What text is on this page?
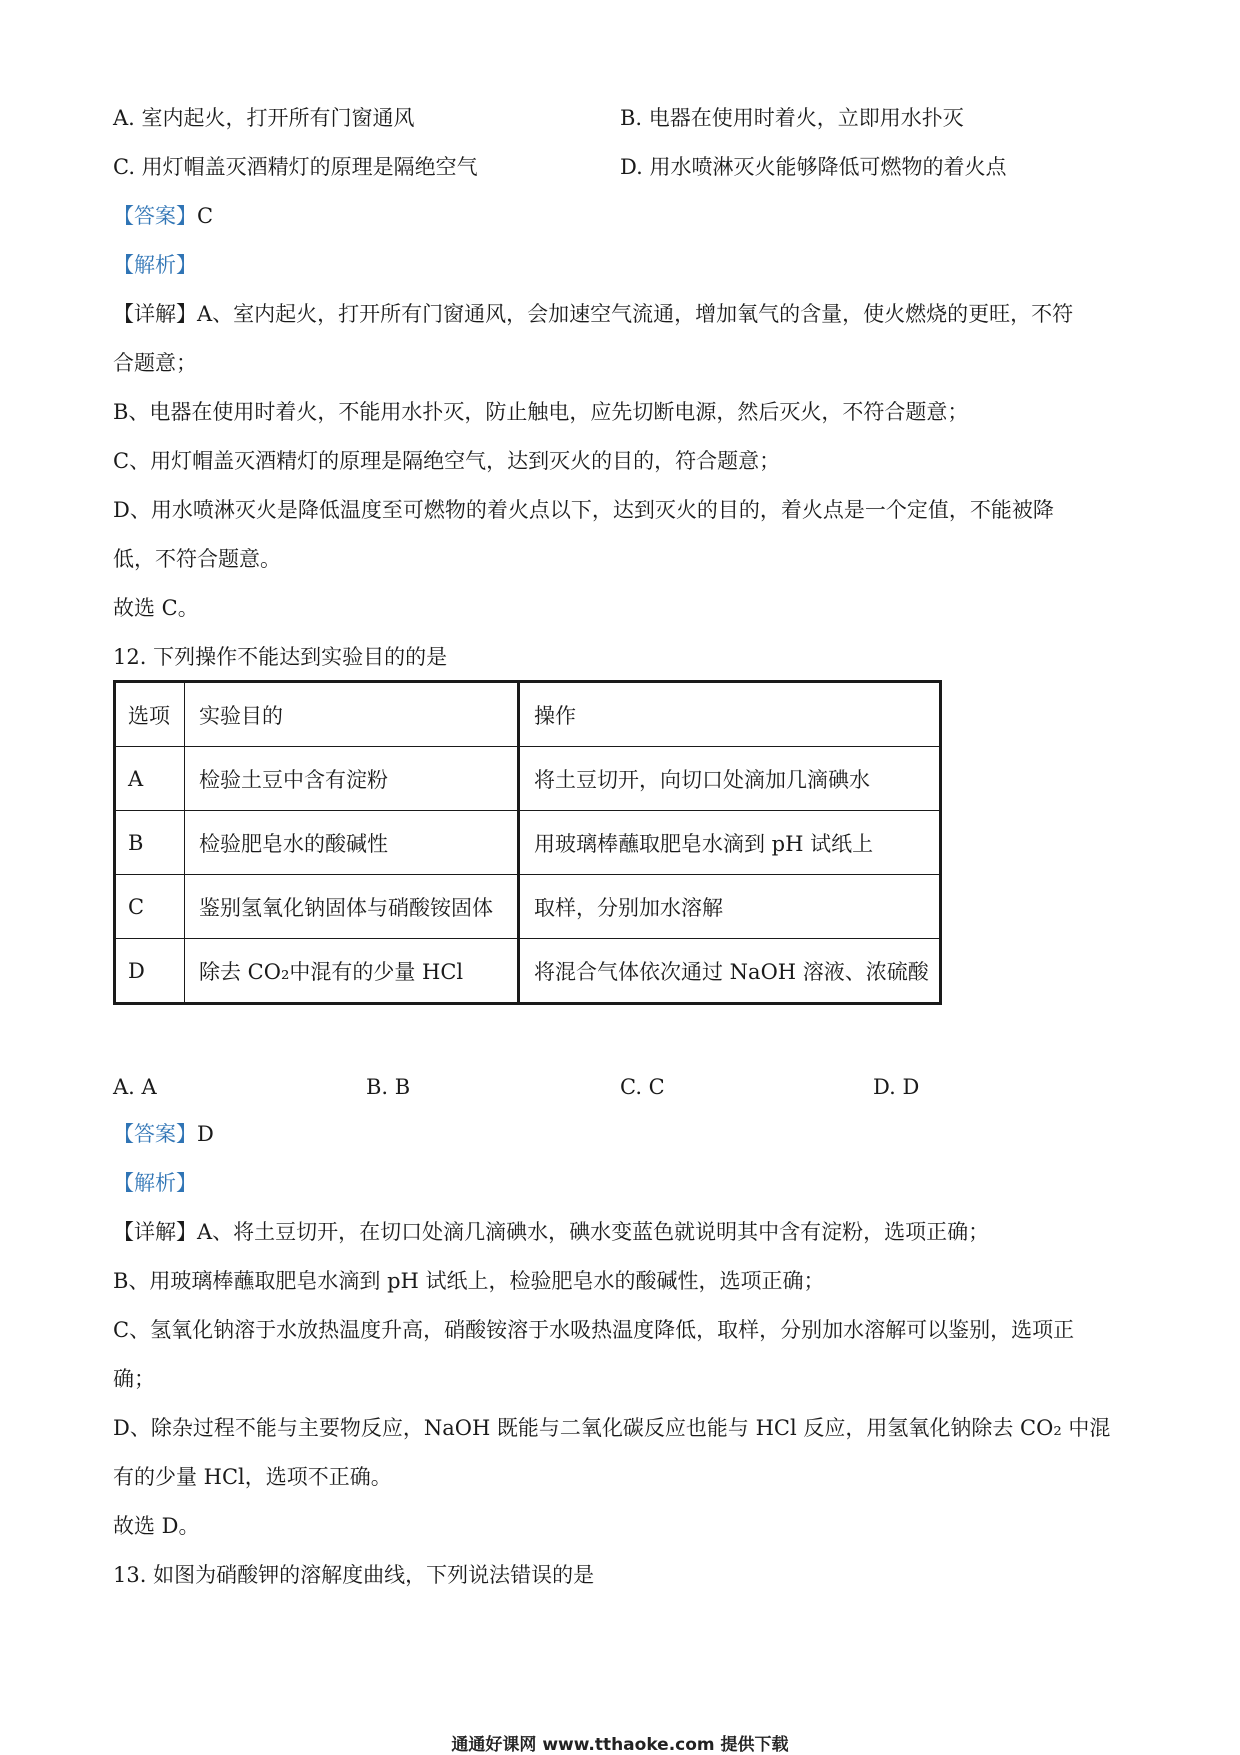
A. 室内起火，打开所有门窗通风	B. 电器在使用时着火，立即用水扑灭
C. 用灯帽盖灭酒精灯的原理是隔绝空气	D. 用水喷淋灭火能够降低可燃物的着火点
【答案】C
【解析】
【详解】A、室内起火，打开所有门窗通风，会加速空气流通，增加氧气的含量，使火燃烧的更旺，不符
合题意；
B、电器在使用时着火，不能用水扑灭，防止触电，应先切断电源，然后灭火，不符合题意；
C、用灯帽盖灭酒精灯的原理是隔绝空气，达到灭火的目的，符合题意；
D、用水喷淋灭火是降低温度至可燃物的着火点以下，达到灭火的目的，着火点是一个定值，不能被降
低，不符合题意。
故选 C。
12. 下列操作不能达到实验目的的是
选项	实验目的	操作
A	检验土豆中含有淀粉	将土豆切开，向切口处滴加几滴碘水
B	检验肥皂水的酸碱性	用玻璃棒蘸取肥皂水滴到 pH 试纸上
C	鉴别氢氧化钠固体与硝酸铵固体	取样，分别加水溶解
D	除去 CO₂中混有的少量 HCl	将混合气体依次通过 NaOH 溶液、浓硫酸
A. A	B. B	C. C	D. D
【答案】D
【解析】
【详解】A、将土豆切开，在切口处滴几滴碘水，碘水变蓝色就说明其中含有淀粉，选项正确；
B、用玻璃棒蘸取肥皂水滴到 pH 试纸上，检验肥皂水的酸碱性，选项正确；
C、氢氧化钠溶于水放热温度升高，硝酸铵溶于水吸热温度降低，取样，分别加水溶解可以鉴别，选项正
确；
D、除杂过程不能与主要物反应，NaOH 既能与二氧化碳反应也能与 HCl 反应，用氢氧化钠除去 CO₂ 中混
有的少量 HCl，选项不正确。
故选 D。
13. 如图为硝酸钾的溶解度曲线，下列说法错误的是
通通好课网 www.tthaoke.com 提供下载
